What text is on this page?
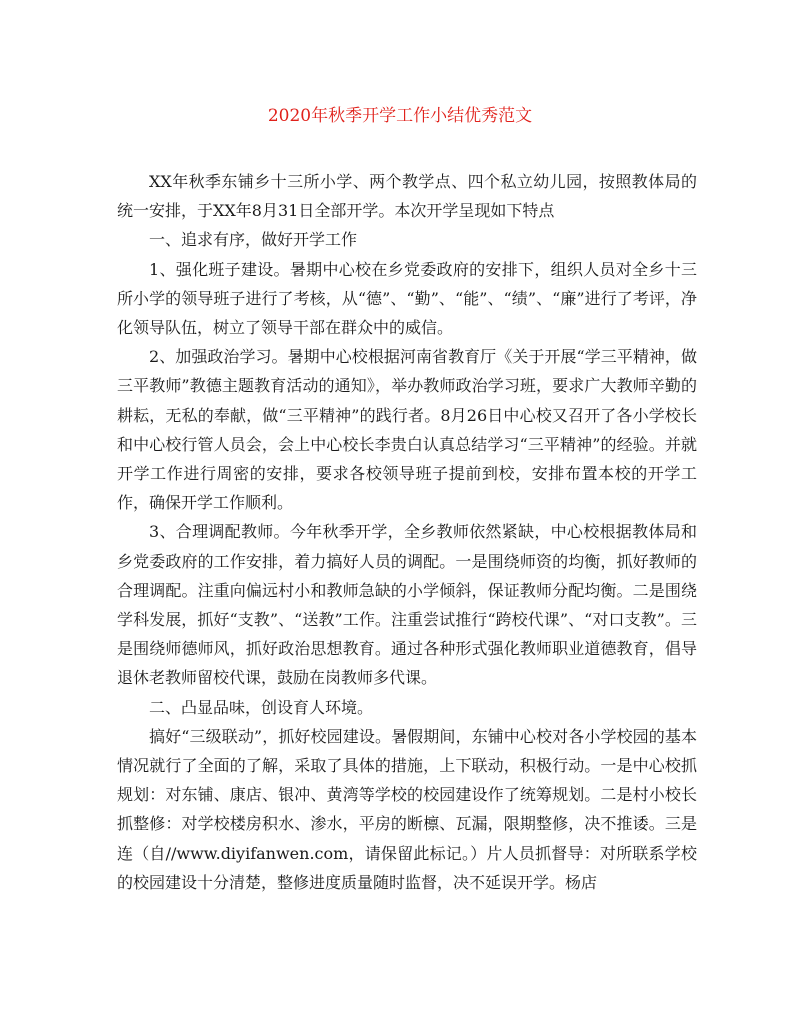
2020年秋季开学工作小结优秀范文

XX年秋季东铺乡十三所小学、两个教学点、四个私立幼儿园，按照教体局的统一安排，于XX年8月31日全部开学。本次开学呈现如下特点

一、追求有序，做好开学工作

1、强化班子建设。暑期中心校在乡党委政府的安排下，组织人员对全乡十三所小学的领导班子进行了考核，从“德”、“勤”、“能”、“绩”、“廉”进行了考评，净化领导队伍，树立了领导干部在群众中的威信。

2、加强政治学习。暑期中心校根据河南省教育厅《关于开展“学三平精神，做三平教师”教德主题教育活动的通知》，举办教师政治学习班，要求广大教师辛勤的耕耘，无私的奉献，做“三平精神”的践行者。8月26日中心校又召开了各小学校长和中心校行管人员会，会上中心校长李贵白认真总结学习“三平精神”的经验。并就开学工作进行周密的安排，要求各校领导班子提前到校，安排布置本校的开学工作，确保开学工作顺利。

3、合理调配教师。今年秋季开学，全乡教师依然紧缺，中心校根据教体局和乡党委政府的工作安排，着力搞好人员的调配。一是围绕师资的均衡，抓好教师的合理调配。注重向偏远村小和教师急缺的小学倾斜，保证教师分配均衡。二是围绕学科发展，抓好“支教”、“送教”工作。注重尝试推行“跨校代课”、“对口支教”。三是围绕师德师风，抓好政治思想教育。通过各种形式强化教师职业道德教育，倡导退休老教师留校代课，鼓励在岗教师多代课。

二、凸显品味，创设育人环境。

搞好“三级联动”，抓好校园建设。暑假期间，东铺中心校对各小学校园的基本情况就行了全面的了解，采取了具体的措施，上下联动，积极行动。一是中心校抓规划：对东铺、康店、银冲、黄湾等学校的校园建设作了统筹规划。二是村小校长抓整修：对学校楼房积水、渗水，平房的断檩、瓦漏，限期整修，决不推诿。三是连（自//www.diyifanwen.com，请保留此标记。）片人员抓督导：对所联系学校的校园建设十分清楚，整修进度质量随时监督，决不延误开学。杨店
